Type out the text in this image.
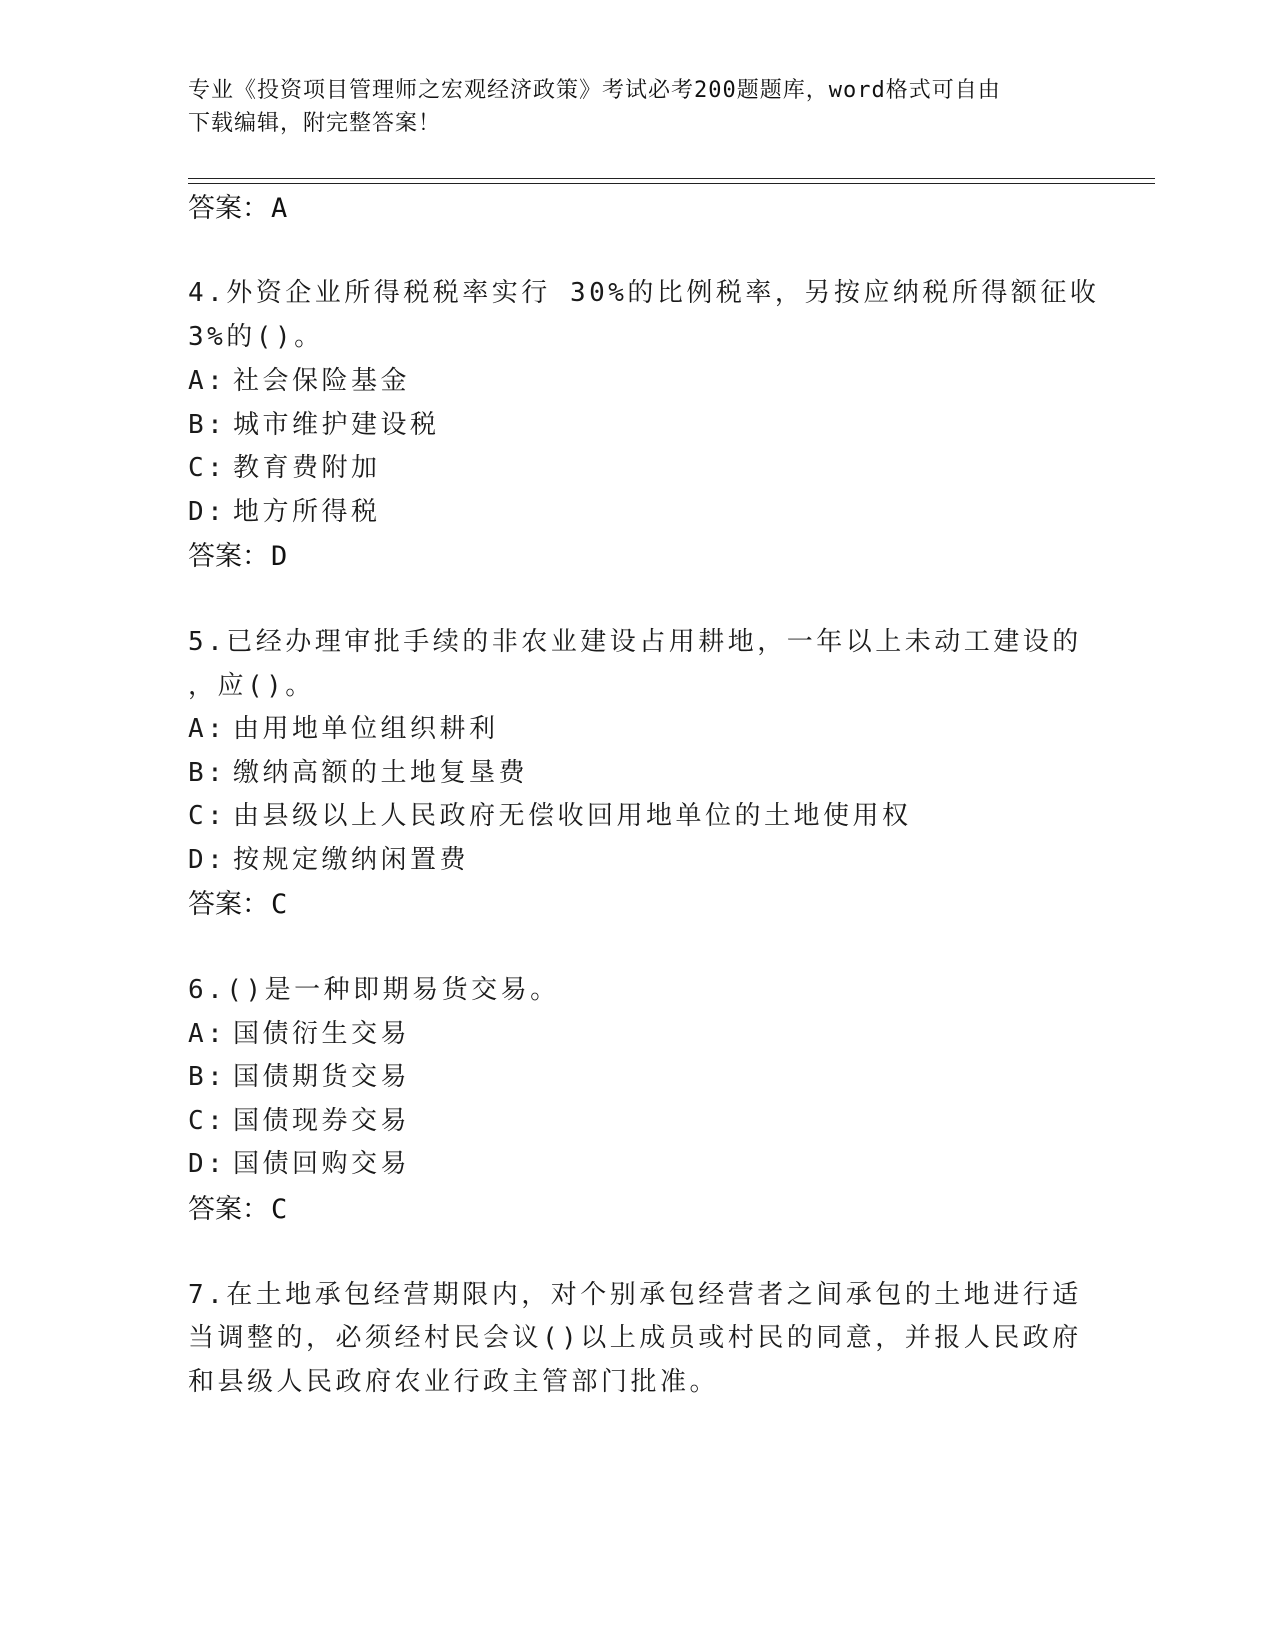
专业《投资项目管理师之宏观经济政策》考试必考200题题库，word格式可自由
下载编辑，附完整答案！
答案：A
4.外资企业所得税税率实行 30%的比例税率，另按应纳税所得额征收
3%的()。
A: 社会保险基金
B: 城市维护建设税
C: 教育费附加
D: 地方所得税
答案：D
5.已经办理审批手续的非农业建设占用耕地，一年以上未动工建设的
，应()。
A: 由用地单位组织耕利
B: 缴纳高额的土地复垦费
C: 由县级以上人民政府无偿收回用地单位的土地使用权
D: 按规定缴纳闲置费
答案：C
6.()是一种即期易货交易。
A: 国债衍生交易
B: 国债期货交易
C: 国债现券交易
D: 国债回购交易
答案：C
7.在土地承包经营期限内，对个别承包经营者之间承包的土地进行适
当调整的，必须经村民会议()以上成员或村民的同意，并报人民政府
和县级人民政府农业行政主管部门批准。
